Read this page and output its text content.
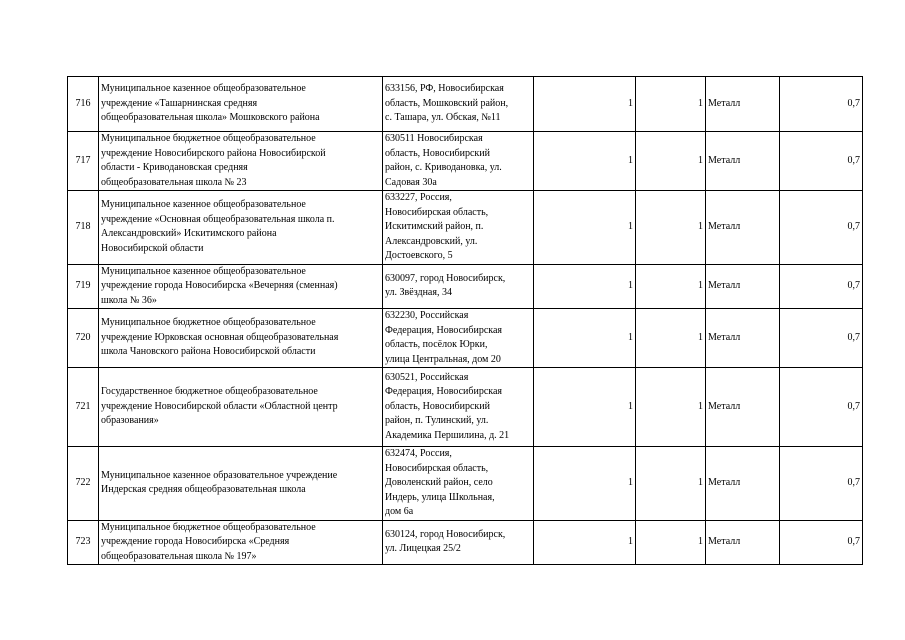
716	Муниципальное казенное общеобразовательное
учреждение «Ташарнинская средняя
общеобразовательная школа» Мошковского района	633156, РФ, Новосибирская
область, Мошковский район,
с. Ташара, ул. Обская, №11	1	1	Металл	0,7
717	Муниципальное бюджетное общеобразовательное
учреждение Новосибирского района Новосибирской
области - Криводановская средняя
общеобразовательная школа № 23	630511 Новосибирская
область, Новосибирский
район, с. Криводановка, ул.
Садовая 30а	1	1	Металл	0,7
718	Муниципальное казенное общеобразовательное
учреждение «Основная общеобразовательная школа п.
Александровский» Искитимского района
Новосибирской области	633227, Россия,
Новосибирская область,
Искитимский район, п.
Александровский, ул.
Достоевского, 5	1	1	Металл	0,7
719	Муниципальное казенное общеобразовательное
учреждение города Новосибирска «Вечерняя (сменная)
школа № 36»	630097, город Новосибирск,
ул. Звёздная, 34	1	1	Металл	0,7
720	Муниципальное бюджетное общеобразовательное
учреждение Юрковская основная общеобразовательная
школа Чановского района Новосибирской области	632230, Российская
Федерация, Новосибирская
область, посёлок Юрки,
улица Центральная, дом 20	1	1	Металл	0,7
721	Государственное бюджетное общеобразовательное
учреждение Новосибирской области «Областной центр
образования»	630521, Российская
Федерация, Новосибирская
область, Новосибирский
район, п. Тулинский, ул.
Академика Першилина, д. 21	1	1	Металл	0,7
722	Муниципальное казенное образовательное учреждение
Индерская средняя общеобразовательная школа	632474, Россия,
Новосибирская область,
Доволенский район, село
Индерь, улица Школьная,
дом 6а	1	1	Металл	0,7
723	Муниципальное бюджетное общеобразовательное
учреждение города Новосибирска «Средняя
общеобразовательная школа № 197»	630124, город Новосибирск,
ул. Лицецкая 25/2	1	1	Металл	0,7
